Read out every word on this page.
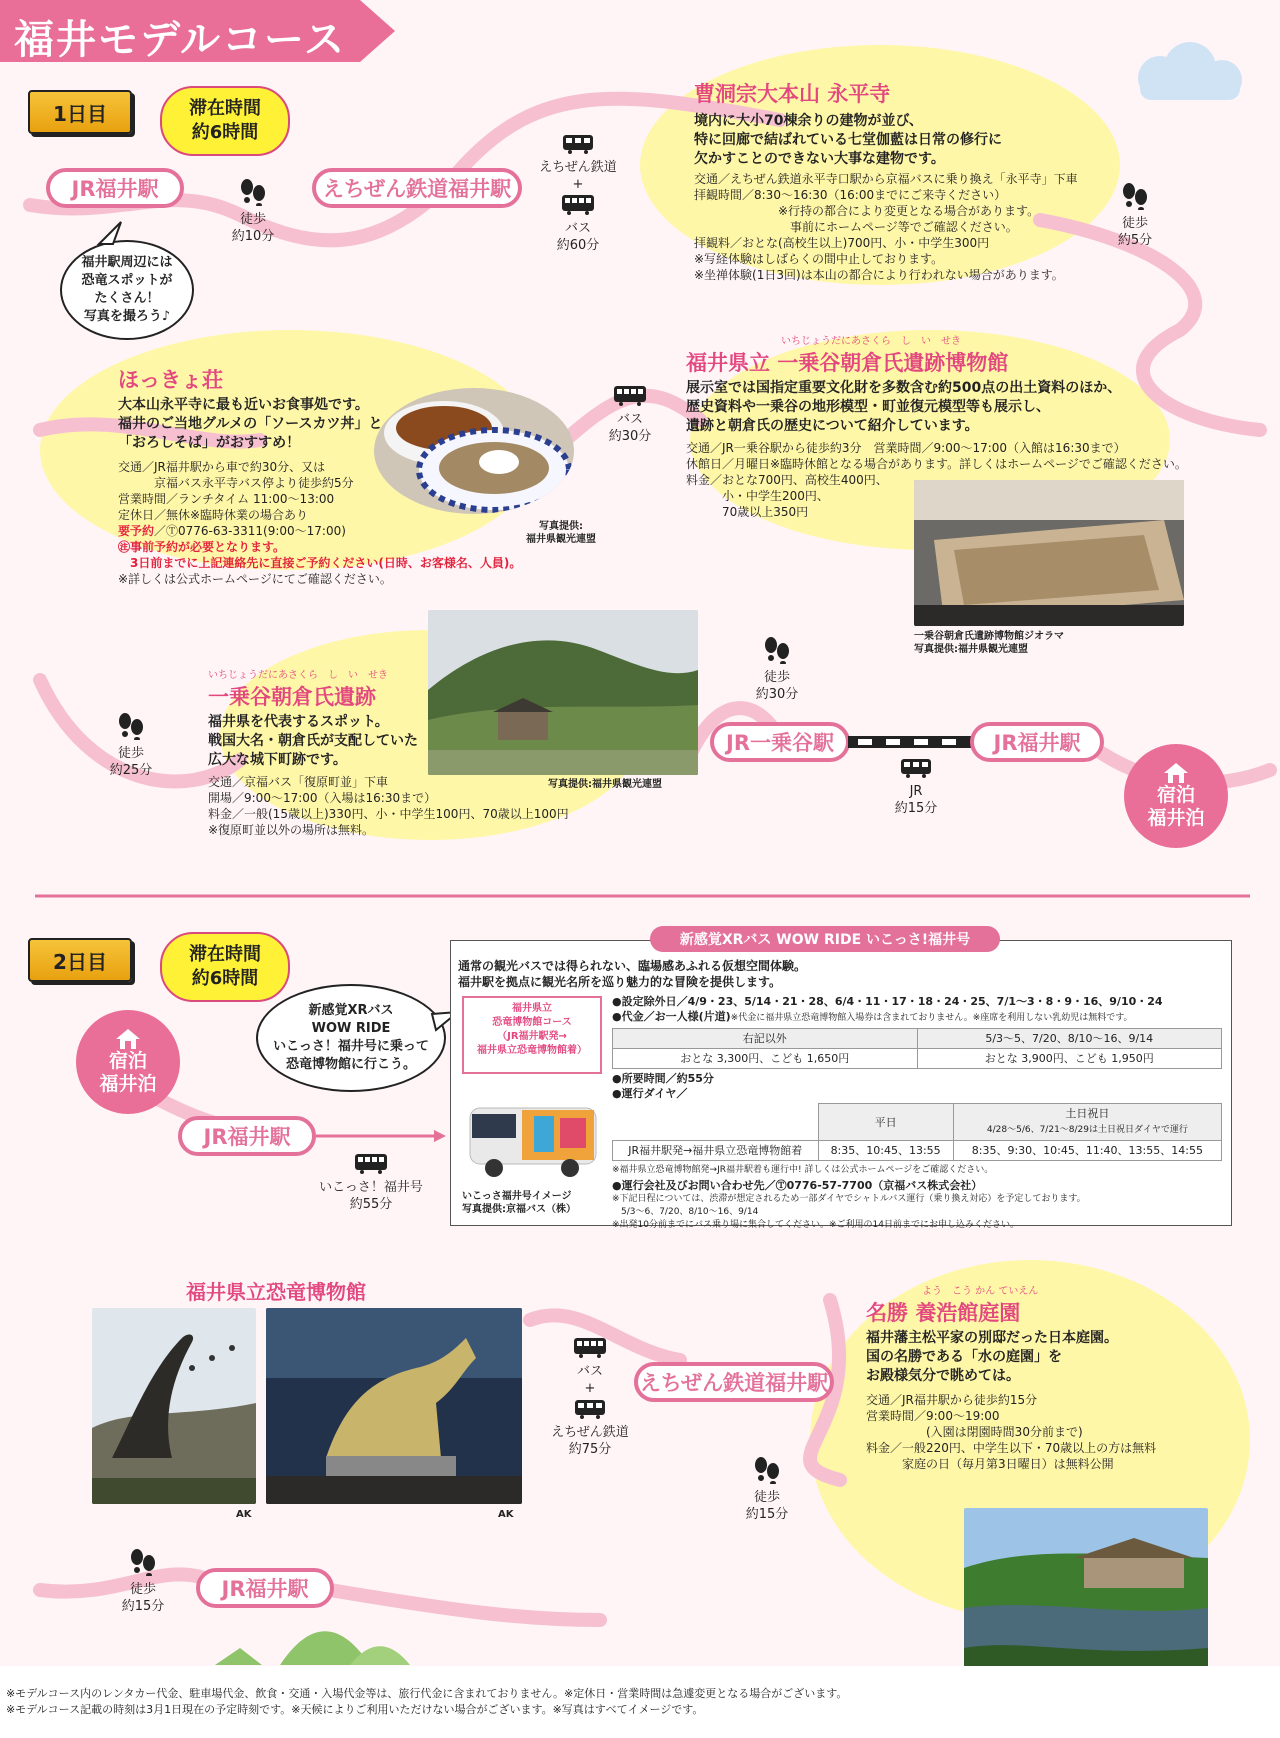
福井モデルコース
1日目	滞在時間
約6時間
JR福井駅

徒歩
約10分
えちぜん鉄道福井駅

えちぜん鉄道
+

バス
約60分
福井駅周辺には
恐竜スポットが
たくさん！
写真を撮ろう♪
曹洞宗大本山 永平寺
境内に大小70棟余りの建物が並び、
特に回廊で結ばれている七堂伽藍は日常の修行に
欠かすことのできない大事な建物です。
交通／えちぜん鉄道永平寺口駅から京福バスに乗り換え「永平寺」下車
拝観時間／8:30〜16:30（16:00までにご来寺ください）
　　　　　　　※行持の都合により変更となる場合があります。
　　　　　　　　事前にホームページ等でご確認ください。
拝観料／おとな(高校生以上)700円、小・中学生300円
※写経体験はしばらくの間中止しております。
※坐禅体験(1日3回)は本山の都合により行われない場合があります。

徒歩
約5分
ほっきょ荘
大本山永平寺に最も近いお食事処です。
福井のご当地グルメの「ソースカツ丼」と
「おろしそば」がおすすめ！
交通／JR福井駅から車で約30分、又は
　　　京福バス永平寺バス停より徒歩約5分
営業時間／ランチタイム 11:00〜13:00
定休日／無休※臨時休業の場合あり
要予約／Ⓣ0776-63-3311(9:00〜17:00)
㊟事前予約が必要となります。
　3日前までに上記連絡先に直接ご予約ください(日時、お客様名、人員)。
※詳しくは公式ホームページにてご確認ください。
写真提供:
福井県観光連盟

バス
約30分
いちじょうだにあさくら　し　い　せき
福井県立 一乗谷朝倉氏遺跡博物館
展示室では国指定重要文化財を多数含む約500点の出土資料のほか、
歴史資料や一乗谷の地形模型・町並復元模型等も展示し、
遺跡と朝倉氏の歴史について紹介しています。
交通／JR一乗谷駅から徒歩約3分　営業時間／9:00〜17:00（入館は16:30まで）
休館日／月曜日※臨時休館となる場合があります。詳しくはホームページでご確認ください。
料金／おとな700円、高校生400円、
　　　小・中学生200円、
　　　70歳以上350円
一乗谷朝倉氏遺跡博物館ジオラマ
写真提供:福井県観光連盟

徒歩
約25分
いちじょうだにあさくら　し　い　せき
一乗谷朝倉氏遺跡
福井県を代表するスポット。
戦国大名・朝倉氏が支配していた
広大な城下町跡です。
交通／京福バス「復原町並」下車
開場／9:00〜17:00（入場は16:30まで）
料金／一般(15歳以上)330円、小・中学生100円、70歳以上100円
※復原町並以外の場所は無料。
写真提供:福井県観光連盟

徒歩
約30分
JR一乗谷駅	JR福井駅

JR
約15分
宿泊
福井泊
2日目	滞在時間
約6時間
宿泊
福井泊
新感覚XRバス
WOW RIDE
いこっさ！福井号に乗って
恐竜博物館に行こう。
JR福井駅

いこっさ！福井号
約55分
新感覚XRバス WOW RIDE いこっさ!福井号
通常の観光バスでは得られない、臨場感あふれる仮想空間体験。
福井駅を拠点に観光名所を巡り魅力的な冒険を提供します。
福井県立
恐竜博物館コース
（JR福井駅発→
福井県立恐竜博物館着）
いこっさ福井号イメージ
写真提供:京福バス（株）
●設定除外日／4/9・23、5/14・21・28、6/4・11・17・18・24・25、7/1〜3・8・9・16、9/10・24
●代金／お一人様(片道)※代金に福井県立恐竜博物館入場券は含まれておりません。※座席を利用しない乳幼児は無料です。
右記以外	5/3〜5、7/20、8/10〜16、9/14
おとな 3,300円、こども 1,650円	おとな 3,900円、こども 1,950円
●所要時間／約55分
●運行ダイヤ／
	平日	土日祝日
4/28〜5/6、7/21〜8/29は土日祝日ダイヤで運行
JR福井駅発→福井県立恐竜博物館着	8:35、10:45、13:55	8:35、9:30、10:45、11:40、13:55、14:55
※福井県立恐竜博物館発→JR福井駅着も運行中! 詳しくは公式ホームページをご確認ください。
●運行会社及びお問い合わせ先／Ⓣ0776-57-7700（京福バス株式会社）
※下記日程については、渋滞が想定されるため一部ダイヤでシャトルバス運行（乗り換え対応）を予定しております。
　5/3〜6、7/20、8/10〜16、9/14
※出発10分前までにバス乗り場に集合してください。※ご利用の14日前までにお申し込みください。
福井県立恐竜博物館
AK	AK

バス
+

えちぜん鉄道
約75分
えちぜん鉄道福井駅

徒歩
約15分
よう　こう かん ていえん
名勝 養浩館庭園
福井藩主松平家の別邸だった日本庭園。
国の名勝である「水の庭園」を
お殿様気分で眺めては。
交通／JR福井駅から徒歩約15分
営業時間／9:00〜19:00
　　　　　(入園は閉園時間30分前まで)
料金／一般220円、中学生以下・70歳以上の方は無料
　　　家庭の日（毎月第3日曜日）は無料公開

徒歩
約15分
JR福井駅
※モデルコース内のレンタカー代金、駐車場代金、飲食・交通・入場代金等は、旅行代金に含まれておりません。※定休日・営業時間は急遽変更となる場合がございます。
※モデルコース記載の時刻は3月1日現在の予定時刻です。※天候によりご利用いただけない場合がございます。※写真はすべてイメージです。
